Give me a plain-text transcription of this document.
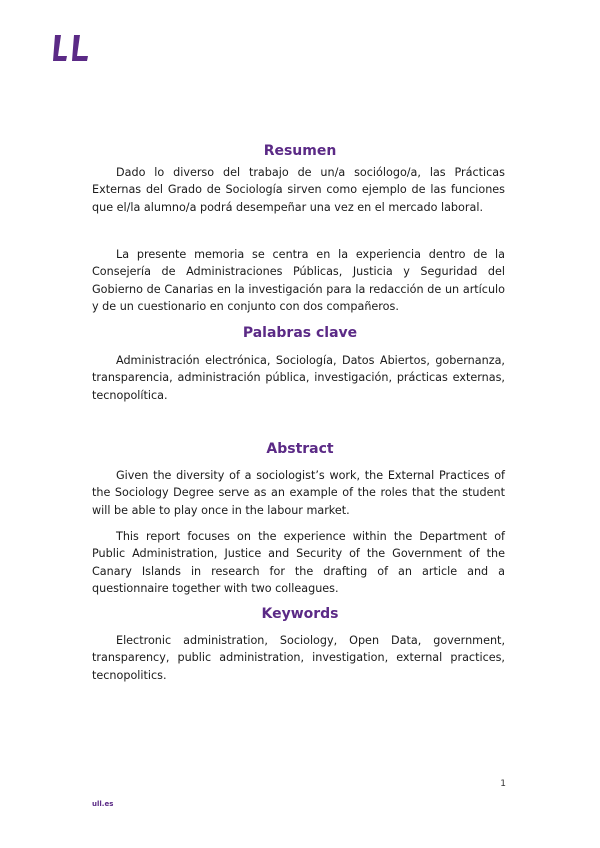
Resumen

Dado lo diverso del trabajo de un/a sociólogo/a, las Prácticas Externas del Grado de Sociología sirven como ejemplo de las funciones que el/la alumno/a podrá desempeñar una vez en el mercado laboral.

La presente memoria se centra en la experiencia dentro de la Consejería de Administraciones Públicas, Justicia y Seguridad del Gobierno de Canarias en la investigación para la redacción de un artículo y de un cuestionario en conjunto con dos compañeros.

Palabras clave

Administración electrónica, Sociología, Datos Abiertos, gobernanza, transparencia, administración pública, investigación, prácticas externas, tecnopolítica.

Abstract

Given the diversity of a sociologist’s work, the External Practices of the Sociology Degree serve as an example of the roles that the student will be able to play once in the labour market.

This report focuses on the experience within the Department of Public Administration, Justice and Security of the Government of the Canary Islands in research for the drafting of an article and a questionnaire together with two colleagues.

Keywords

Electronic administration, Sociology, Open Data, government, transparency, public administration, investigation, external practices, tecnopolitics.

1
ull.es
